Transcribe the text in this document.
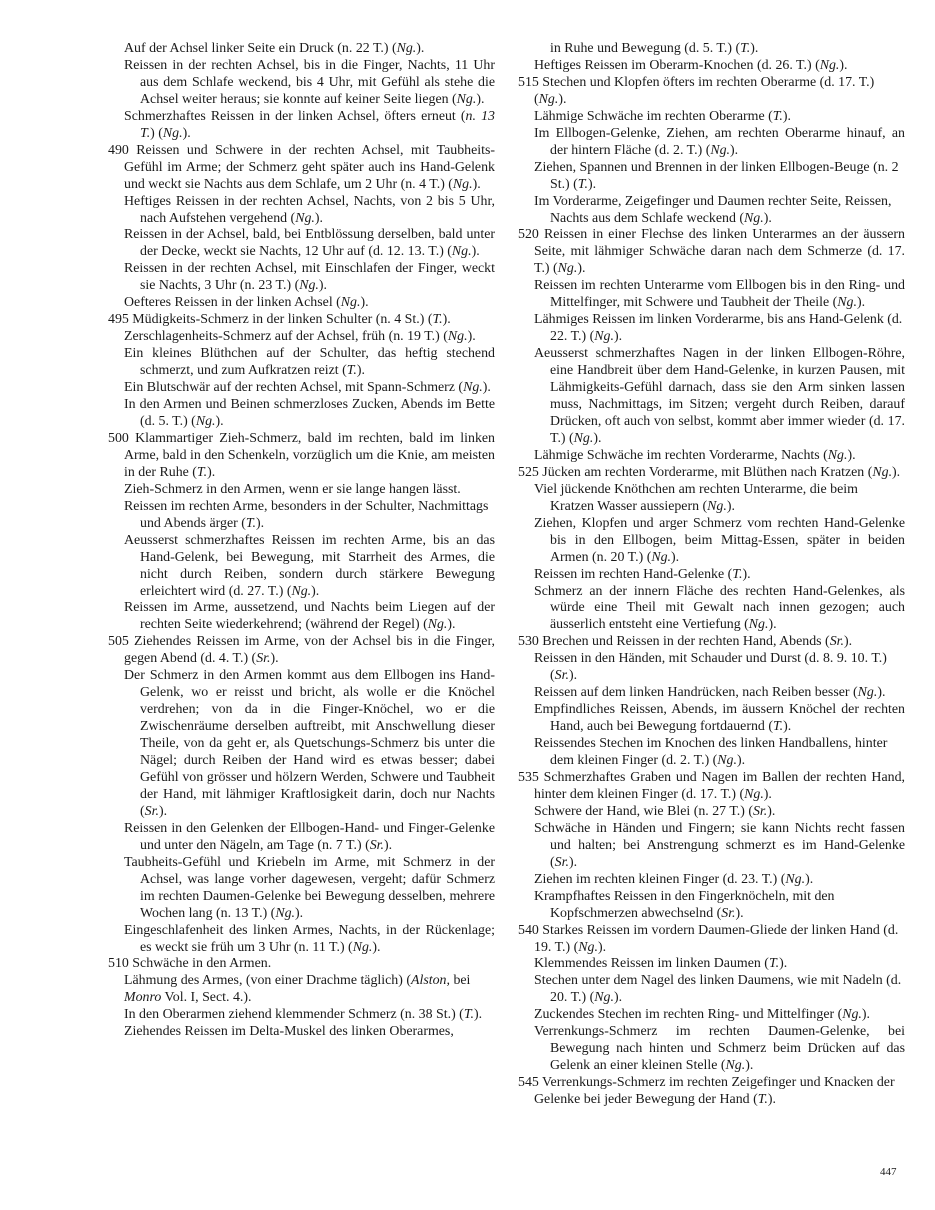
Auf der Achsel linker Seite ein Druck (n. 22 T.) (Ng.).

Reissen in der rechten Achsel, bis in die Finger, Nachts, 11 Uhr aus dem Schlafe weckend, bis 4 Uhr, mit Gefühl als stehe die Achsel weiter heraus; sie konnte auf keiner Seite liegen (Ng.).

Schmerzhaftes Reissen in der linken Achsel, öfters erneut (n. 13 T.) (Ng.).

490 Reissen und Schwere in der rechten Achsel, mit Taubheits-Gefühl im Arme; der Schmerz geht später auch ins Hand-Gelenk und weckt sie Nachts aus dem Schlafe, um 2 Uhr (n. 4 T.) (Ng.).

Heftiges Reissen in der rechten Achsel, Nachts, von 2 bis 5 Uhr, nach Aufstehen vergehend (Ng.).

Reissen in der Achsel, bald, bei Entblössung derselben, bald unter der Decke, weckt sie Nachts, 12 Uhr auf (d. 12. 13. T.) (Ng.).

Reissen in der rechten Achsel, mit Einschlafen der Finger, weckt sie Nachts, 3 Uhr (n. 23 T.) (Ng.).

Oefteres Reissen in der linken Achsel (Ng.).

495 Müdigkeits-Schmerz in der linken Schulter (n. 4 St.) (T.).

Zerschlagenheits-Schmerz auf der Achsel, früh (n. 19 T.) (Ng.).

Ein kleines Blüthchen auf der Schulter, das heftig stechend schmerzt, und zum Aufkratzen reizt (T.).

Ein Blutschwär auf der rechten Achsel, mit Spann-Schmerz (Ng.).

In den Armen und Beinen schmerzloses Zucken, Abends im Bette (d. 5. T.) (Ng.).

500 Klammartiger Zieh-Schmerz, bald im rechten, bald im linken Arme, bald in den Schenkeln, vorzüglich um die Knie, am meisten in der Ruhe (T.).

Zieh-Schmerz in den Armen, wenn er sie lange hangen lässt.

Reissen im rechten Arme, besonders in der Schulter, Nachmittags und Abends ärger (T.).

Aeusserst schmerzhaftes Reissen im rechten Arme, bis an das Hand-Gelenk, bei Bewegung, mit Starrheit des Armes, die nicht durch Reiben, sondern durch stärkere Bewegung erleichtert wird (d. 27. T.) (Ng.).

Reissen im Arme, aussetzend, und Nachts beim Liegen auf der rechten Seite wiederkehrend; (während der Regel) (Ng.).

505 Ziehendes Reissen im Arme, von der Achsel bis in die Finger, gegen Abend (d. 4. T.) (Sr.).

Der Schmerz in den Armen kommt aus dem Ellbogen ins Hand-Gelenk, wo er reisst und bricht, als wolle er die Knöchel verdrehen; von da in die Finger-Knöchel, wo er die Zwischenräume derselben auftreibt, mit Anschwellung dieser Theile, von da geht er, als Quetschungs-Schmerz bis unter die Nägel; durch Reiben der Hand wird es etwas besser; dabei Gefühl von grösser und hölzern Werden, Schwere und Taubheit der Hand, mit lähmiger Kraftlosigkeit darin, doch nur Nachts (Sr.).

Reissen in den Gelenken der Ellbogen-Hand- und Finger-Gelenke und unter den Nägeln, am Tage (n. 7 T.) (Sr.).

Taubheits-Gefühl und Kriebeln im Arme, mit Schmerz in der Achsel, was lange vorher dagewesen, vergeht; dafür Schmerz im rechten Daumen-Gelenke bei Bewegung desselben, mehrere Wochen lang (n. 13 T.) (Ng.).

Eingeschlafenheit des linken Armes, Nachts, in der Rückenlage; es weckt sie früh um 3 Uhr (n. 11 T.) (Ng.).

510 Schwäche in den Armen.

Lähmung des Armes, (von einer Drachme täglich) (Alston, bei Monro Vol. I, Sect. 4.).

In den Oberarmen ziehend klemmender Schmerz (n. 38 St.) (T.).

Ziehendes Reissen im Delta-Muskel des linken Oberarmes,

in Ruhe und Bewegung (d. 5. T.) (T.).

Heftiges Reissen im Oberarm-Knochen (d. 26. T.) (Ng.).

515 Stechen und Klopfen öfters im rechten Oberarme (d. 17. T.) (Ng.).

Lähmige Schwäche im rechten Oberarme (T.).

Im Ellbogen-Gelenke, Ziehen, am rechten Oberarme hinauf, an der hintern Fläche (d. 2. T.) (Ng.).

Ziehen, Spannen und Brennen in der linken Ellbogen-Beuge (n. 2 St.) (T.).

Im Vorderarme, Zeigefinger und Daumen rechter Seite, Reissen, Nachts aus dem Schlafe weckend (Ng.).

520 Reissen in einer Flechse des linken Unterarmes an der äussern Seite, mit lähmiger Schwäche daran nach dem Schmerze (d. 17. T.) (Ng.).

Reissen im rechten Unterarme vom Ellbogen bis in den Ring- und Mittelfinger, mit Schwere und Taubheit der Theile (Ng.).

Lähmiges Reissen im linken Vorderarme, bis ans Hand-Gelenk (d. 22. T.) (Ng.).

Aeusserst schmerzhaftes Nagen in der linken Ellbogen-Röhre, eine Handbreit über dem Hand-Gelenke, in kurzen Pausen, mit Lähmigkeits-Gefühl darnach, dass sie den Arm sinken lassen muss, Nachmittags, im Sitzen; vergeht durch Reiben, darauf Drücken, oft auch von selbst, kommt aber immer wieder (d. 17. T.) (Ng.).

Lähmige Schwäche im rechten Vorderarme, Nachts (Ng.).

525 Jücken am rechten Vorderarme, mit Blüthen nach Kratzen (Ng.).

Viel jückende Knöthchen am rechten Unterarme, die beim Kratzen Wasser aussiepern (Ng.).

Ziehen, Klopfen und arger Schmerz vom rechten Hand-Gelenke bis in den Ellbogen, beim Mittag-Essen, später in beiden Armen (n. 20 T.) (Ng.).

Reissen im rechten Hand-Gelenke (T.).

Schmerz an der innern Fläche des rechten Hand-Gelenkes, als würde eine Theil mit Gewalt nach innen gezogen; auch äusserlich entsteht eine Vertiefung (Ng.).

530 Brechen und Reissen in der rechten Hand, Abends (Sr.).

Reissen in den Händen, mit Schauder und Durst (d. 8. 9. 10. T.) (Sr.).

Reissen auf dem linken Handrücken, nach Reiben besser (Ng.).

Empfindliches Reissen, Abends, im äussern Knöchel der rechten Hand, auch bei Bewegung fortdauernd (T.).

Reissendes Stechen im Knochen des linken Handballens, hinter dem kleinen Finger (d. 2. T.) (Ng.).

535 Schmerzhaftes Graben und Nagen im Ballen der rechten Hand, hinter dem kleinen Finger (d. 17. T.) (Ng.).

Schwere der Hand, wie Blei (n. 27 T.) (Sr.).

Schwäche in Händen und Fingern; sie kann Nichts recht fassen und halten; bei Anstrengung schmerzt es im Hand-Gelenke (Sr.).

Ziehen im rechten kleinen Finger (d. 23. T.) (Ng.).

Krampfhaftes Reissen in den Fingerknöcheln, mit den Kopfschmerzen abwechselnd (Sr.).

540 Starkes Reissen im vordern Daumen-Gliede der linken Hand (d. 19. T.) (Ng.).

Klemmendes Reissen im linken Daumen (T.).

Stechen unter dem Nagel des linken Daumens, wie mit Nadeln (d. 20. T.) (Ng.).

Zuckendes Stechen im rechten Ring- und Mittelfinger (Ng.).

Verrenkungs-Schmerz im rechten Daumen-Gelenke, bei Bewegung nach hinten und Schmerz beim Drücken auf das Gelenk an einer kleinen Stelle (Ng.).

545 Verrenkungs-Schmerz im rechten Zeigefinger und Knacken der Gelenke bei jeder Bewegung der Hand (T.).

447
